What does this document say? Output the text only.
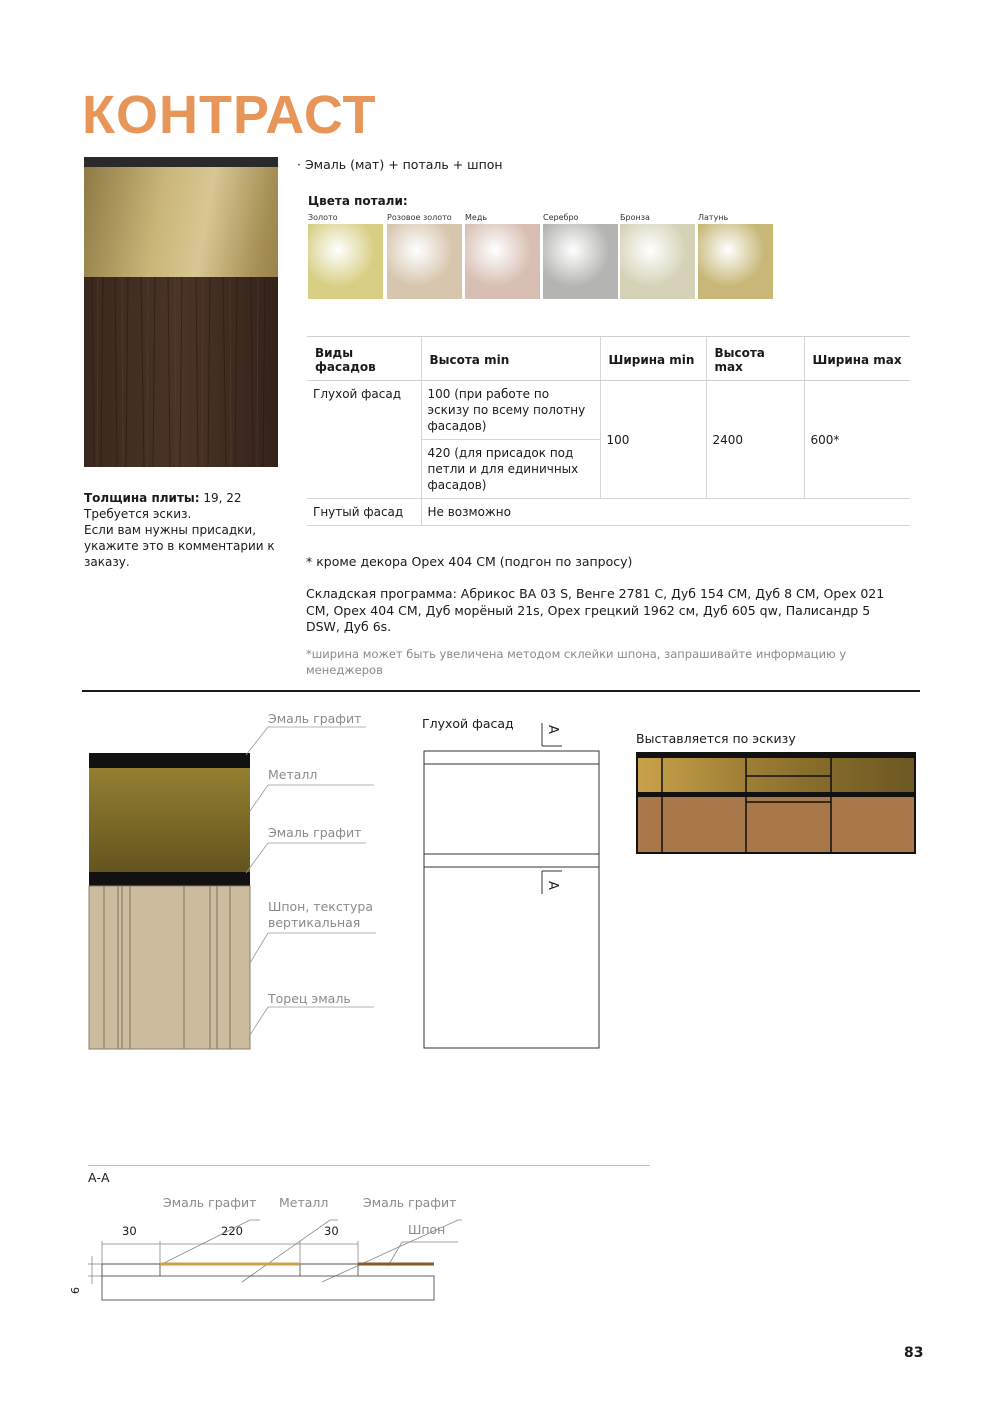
КОНТРАСТ
Толщина плиты: 19, 22
Требуется эскиз.
Если вам нужны присадки, укажите это в комментарии к заказу.
· Эмаль (мат) + поталь + шпон
Цвета потали:
Золото	Розовое золото Медь	Серебро	Бронза	Латунь
Виды фасадов	Высота min	Ширина min	Высота max	Ширина max
Глухой фасад	100 (при работе по эскизу по всему полотну фасадов)	100	2400	600*
	420 (для присадок под петли и для единичных фасадов)			
Гнутый фасад	Не возможно			
* кроме декора Орех 404 СМ (подгон по запросу)
Складская программа: Абрикос ВА 03 S, Венге 2781 С, Дуб 154 СМ, Дуб 8 СМ, Орех 021 СМ, Орех 404 СМ, Дуб морёный 21s, Орех грецкий 1962 см, Дуб 605 qw, Палисандр 5 DSW, Дуб 6s.
*ширина может быть увеличена методом склейки шпона, запрашивайте информацию у менеджеров
Эмаль графит
Металл
Эмаль графит
Шпон, текстура
вертикальная
Торец эмаль
Глухой фасад A
A
Выставляется по эскизу
А-А
Эмаль графит Металл	Эмаль графит
Шпон
30	220	30
6
83
